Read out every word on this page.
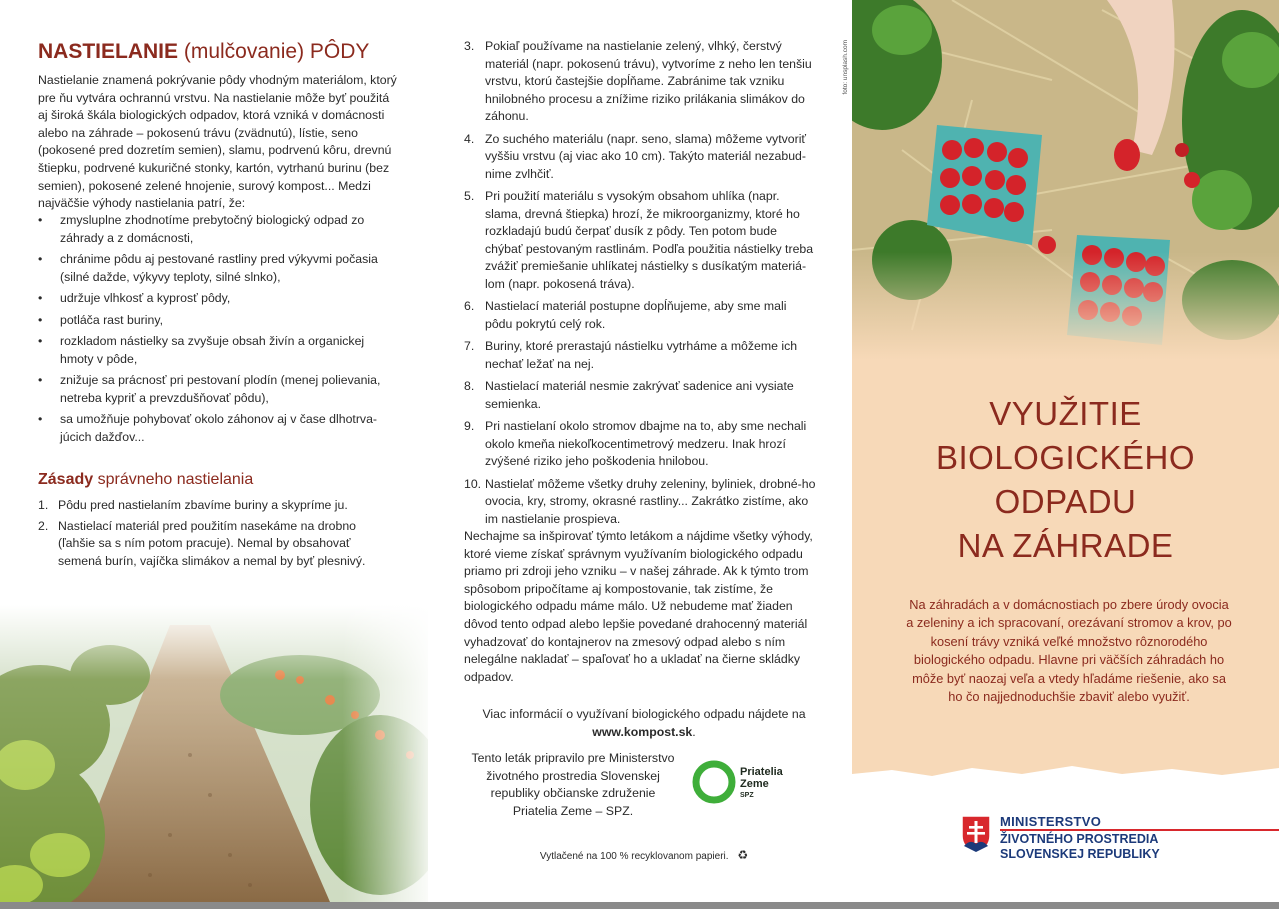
NASTIELANIE (mulčovanie) PÔDY

Nastielanie znamená pokrývanie pôdy vhodným materiálom, ktorý pre ňu vytvára ochrannú vrstvu. Na nastielanie môže byť použitá aj široká škála biologických odpadov, ktorá vzniká v domácnosti alebo na záhrade – pokosenú trávu (zvädnutú), lístie, seno (pokosené pred dozretím semien), slamu, podrvenú kôru, drevnú štiepku, podrvené kukuričné stonky, kartón, vytrhanú burinu (bez semien), pokosené zelené hnojenie, surový kompost... Medzi najväčšie výhody nastielania patrí, že:

• zmysluplne zhodnotíme prebytočný biologický odpad zo záhrady a z domácnosti,
• chránime pôdu aj pestované rastliny pred výkyvmi počasia (silné dažde, výkyvy teploty, silné slnko),
• udržuje vlhkosť a kyprosť pôdy,
• potláča rast buriny,
• rozkladom nástielky sa zvyšuje obsah živín a organickej hmoty v pôde,
• znižuje sa prácnosť pri pestovaní plodín (menej polievania, netreba kypriť a prevzdušňovať pôdu),
• sa umožňuje pohybovať okolo záhonov aj v čase dlhotrva-júcich dažďov...
Zásady správneho nastielania
1. Pôdu pred nastielaním zbavíme buriny a skypríme ju.
2. Nastielací materiál pred použitím nasekáme na drobno (ľahšie sa s ním potom pracuje). Nemal by obsahovať semená burín, vajíčka slimákov a nemal by byť plesnivý.
3. Pokiaľ používame na nastielanie zelený, vlhký, čerstvý materiál (napr. pokosenú trávu), vytvoríme z neho len tenšiu vrstvu, ktorú častejšie dopĺňame. Zabránime tak vzniku hnilobného procesu a znížime riziko prilákania slimákov do záhonu.
4. Zo suchého materiálu (napr. seno, slama) môžeme vytvoriť vyššiu vrstvu (aj viac ako 10 cm). Takýto materiál nezabud-nime zvlhčiť.
5. Pri použití materiálu s vysokým obsahom uhlíka (napr. slama, drevná štiepka) hrozí, že mikroorganizmy, ktoré ho rozkladajú budú čerpať dusík z pôdy. Ten potom bude chýbať pestovaným rastlinám. Podľa použitia nástielky treba zvážiť premiešanie uhlíkatej nástielky s dusíkatým materiá-lom (napr. pokosená tráva).
6. Nastielací materiál postupne dopĺňujeme, aby sme mali pôdu pokrytú celý rok.
7. Buriny, ktoré prerastajú nástielku vytrháme a môžeme ich nechať ležať na nej.
8. Nastielací materiál nesmie zakrývať sadenice ani vysiate semienka.
9. Pri nastielaní okolo stromov dbajme na to, aby sme nechali okolo kmeňa niekoľkocentimetrový medzeru. Inak hrozí zvýšené riziko jeho poškodenia hnilobou.
10. Nastielať môžeme všetky druhy zeleniny, byliniek, drobné-ho ovocia, kry, stromy, okrasné rastliny... Zakrátko zistíme, ako im nastielanie prospieva.

Nechajme sa inšpirovať týmto letákom a nájdime všetky výhody, ktoré vieme získať správnym využívaním biologického odpadu priamo pri zdroji jeho vzniku – v našej záhrade. Ak k týmto trom spôsobom pripočítame aj kompostovanie, tak zistíme, že biologického odpadu máme málo. Už nebudeme mať žiaden dôvod tento odpad alebo lepšie povedané drahocenný materiál vyhadzovať do kontajnerov na zmesový odpad alebo s ním nelegálne nakladať – spaľovať ho a ukladať na čierne skládky odpadov.

Viac informácií o využívaní biologického odpadu nájdete na www.kompost.sk.

Tento leták pripravilo pre Ministerstvo životného prostredia Slovenskej republiky občianske združenie Priatelia Zeme – SPZ.

Priatelia
Zeme
SPZ
Vytlačené na 100 % recyklovanom papieri. ♻
VYUŽITIE
BIOLOGICKÉHO
ODPADU
NA ZÁHRADE

Na záhradách a v domácnostiach po zbere úrody ovocia a zeleniny a ich spracovaní, orezávaní stromov a krov, po kosení trávy vzniká veľké množstvo rôznorodého biologického odpadu. Hlavne pri väčších záhradách ho môže byť naozaj veľa a vtedy hľadáme riešenie, ako sa ho čo najjednoduchšie zbaviť alebo využiť.

MINISTERSTVO
ŽIVOTNÉHO PROSTREDIA
SLOVENSKEJ REPUBLIKY
foto: unsplash.com
